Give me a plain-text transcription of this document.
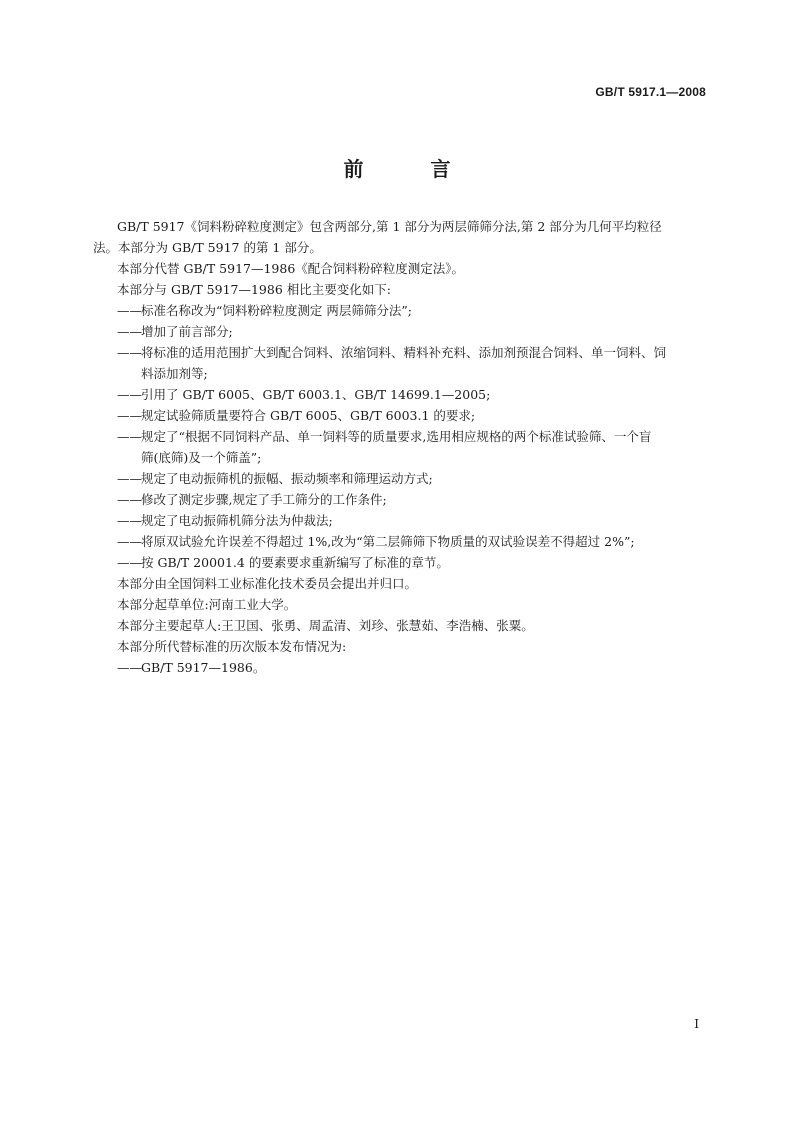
GB/T 5917.1—2008
前 言

GB/T 5917《饲料粉碎粒度测定》包含两部分,第 1 部分为两层筛筛分法,第 2 部分为几何平均粒径

法。本部分为 GB/T 5917 的第 1 部分。

本部分代替 GB/T 5917—1986《配合饲料粉碎粒度测定法》。

本部分与 GB/T 5917—1986 相比主要变化如下:

—— 标准名称改为“饲料粉碎粒度测定 两层筛筛分法”;
—— 增加了前言部分;
—— 将标准的适用范围扩大到配合饲料、浓缩饲料、精料补充料、添加剂预混合饲料、单一饲料、饲
料添加剂等;
—— 引用了 GB/T 6005、GB/T 6003.1、GB/T 14699.1—2005;
—— 规定试验筛质量要符合 GB/T 6005、GB/T 6003.1 的要求;
—— 规定了“根据不同饲料产品、单一饲料等的质量要求,选用相应规格的两个标准试验筛、一个盲
筛(底筛)及一个筛盖”;
—— 规定了电动振筛机的振幅、振动频率和筛理运动方式;
—— 修改了测定步骤,规定了手工筛分的工作条件;
—— 规定了电动振筛机筛分法为仲裁法;
—— 将原双试验允许误差不得超过 1%,改为“第二层筛筛下物质量的双试验误差不得超过 2%”;
—— 按 GB/T 20001.4 的要素要求重新编写了标准的章节。

本部分由全国饲料工业标准化技术委员会提出并归口。

本部分起草单位:河南工业大学。

本部分主要起草人:王卫国、张勇、周孟清、刘珍、张慧茹、李浩楠、张粟。

本部分所代替标准的历次版本发布情况为:

—— GB/T 5917—1986。
I
